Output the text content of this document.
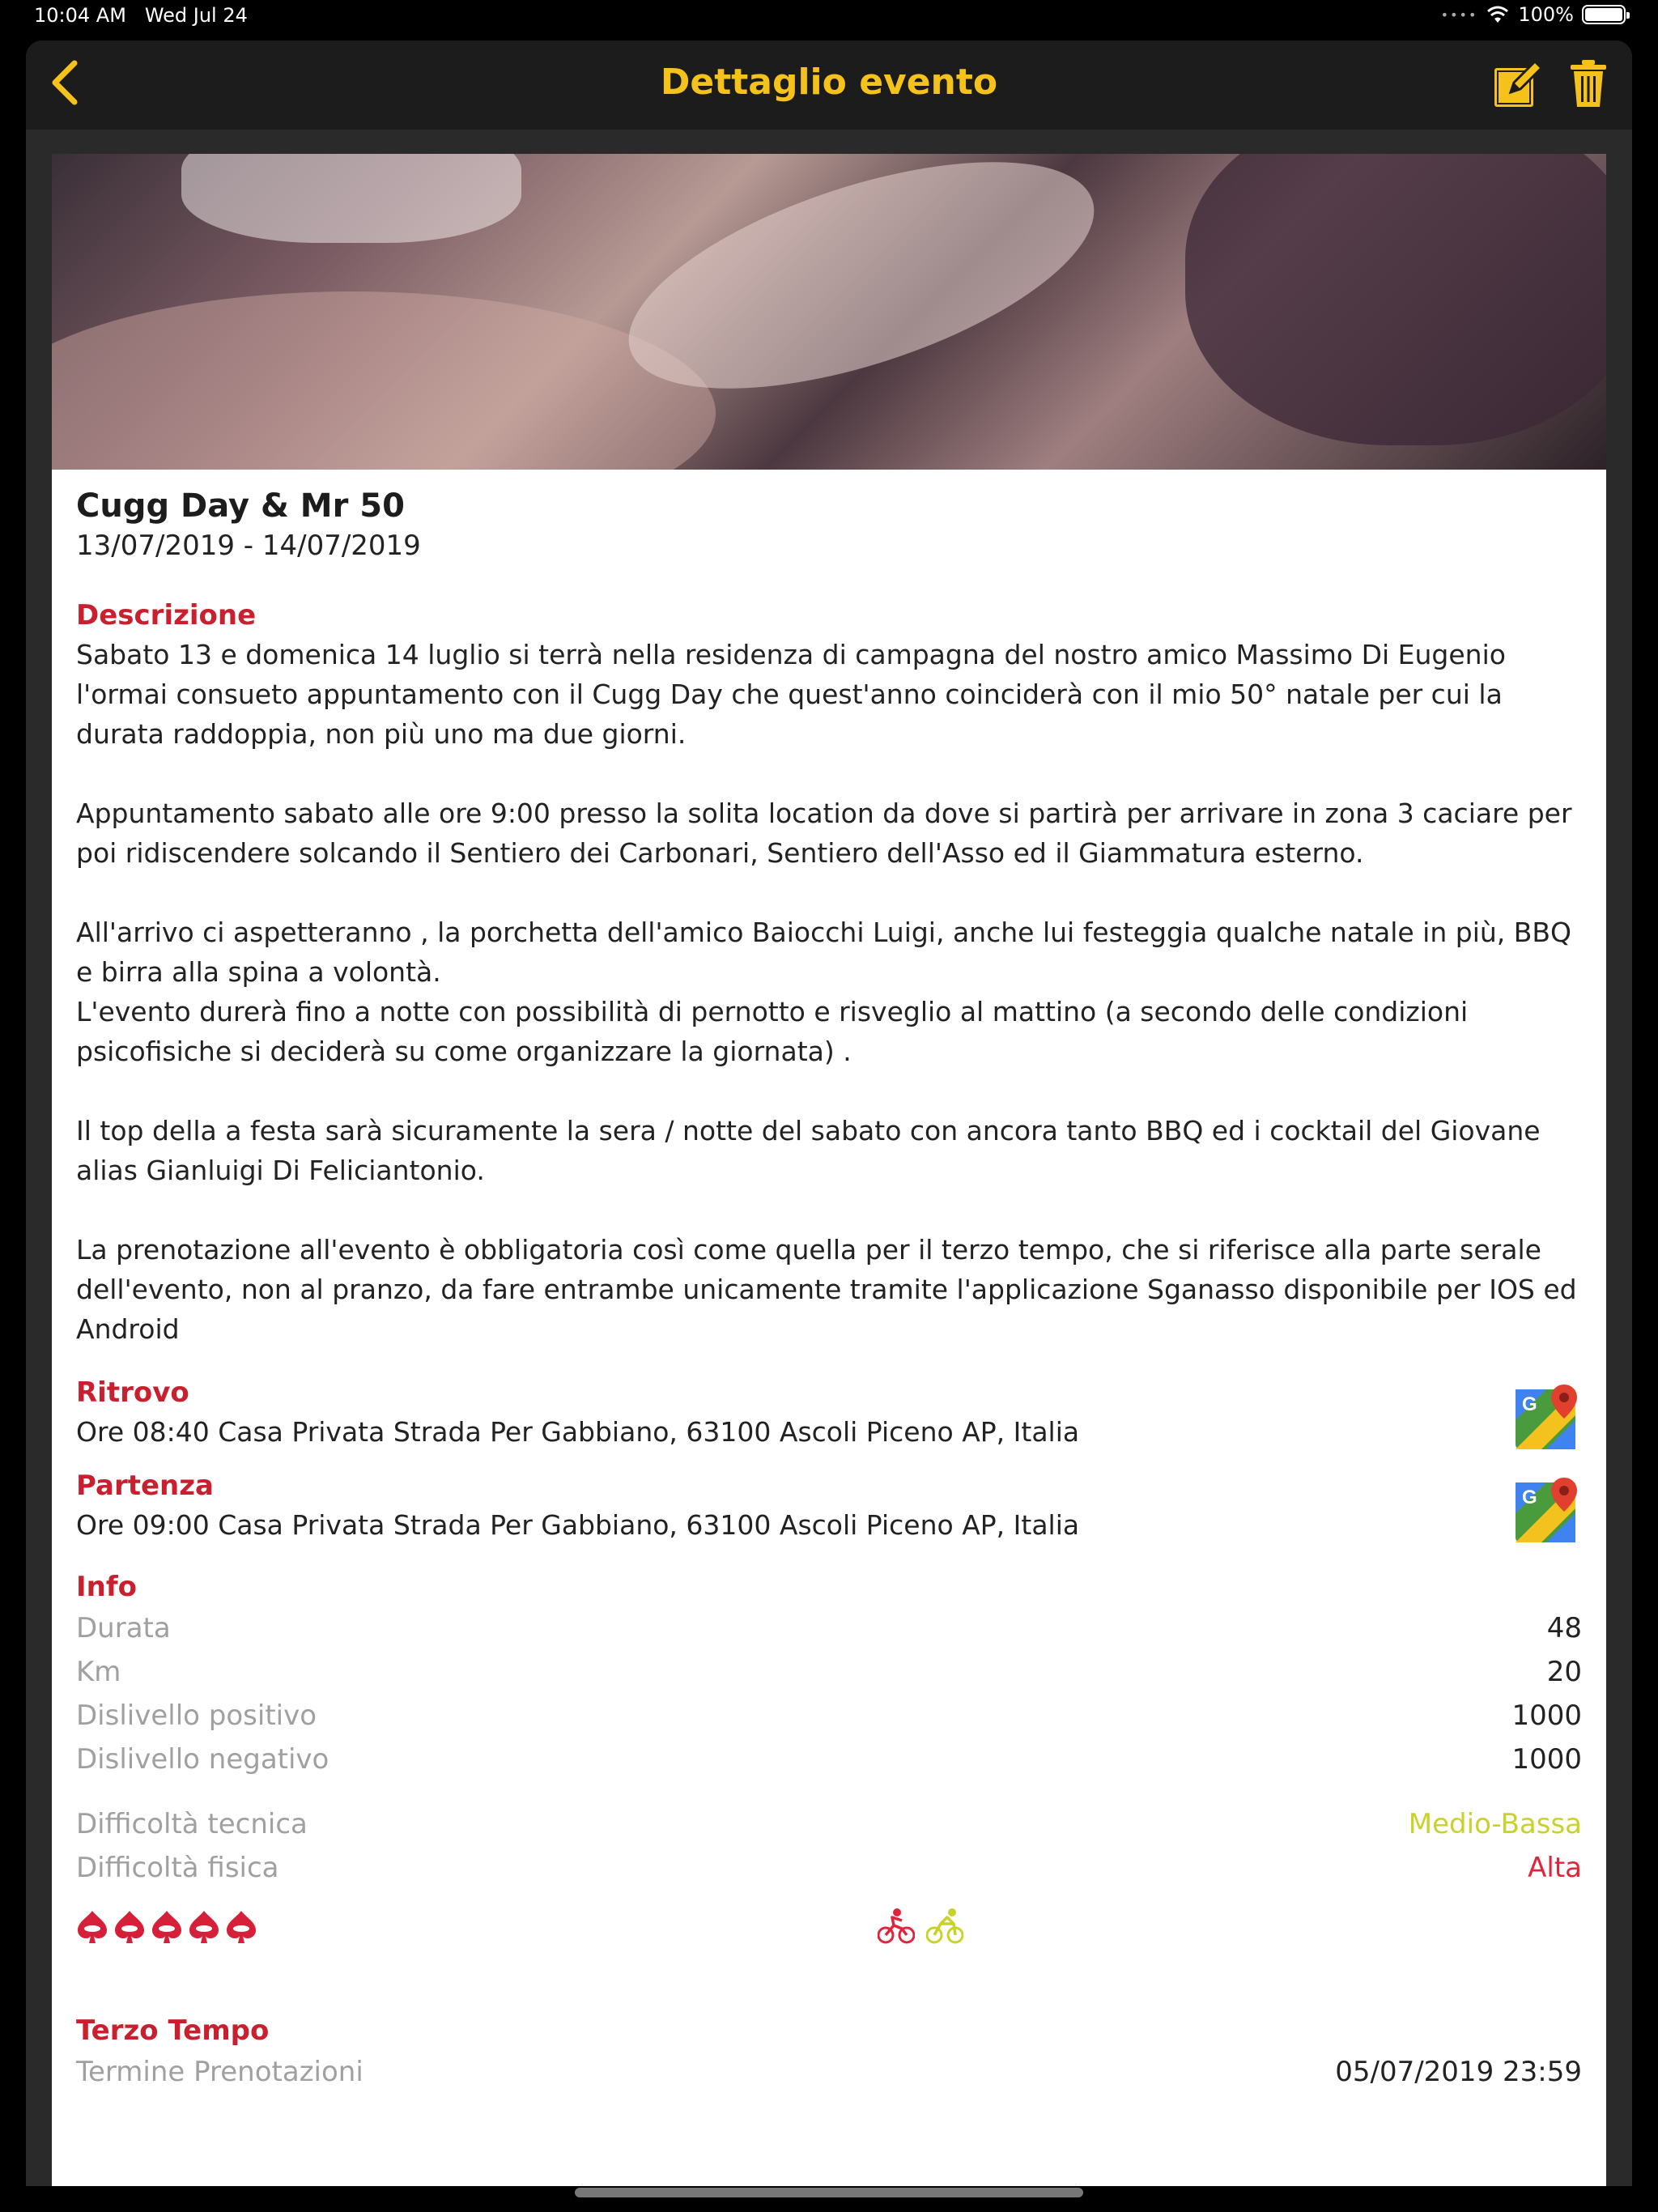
10:04 AM Wed Jul 24	•••• 100%
Dettaglio evento
Cugg Day & Mr 50
13/07/2019 - 14/07/2019
Descrizione
Sabato 13 e domenica 14 luglio si terrà nella residenza di campagna del nostro amico Massimo Di Eugenio l'ormai consueto appuntamento con il Cugg Day che quest'anno coinciderà con il mio 50° natale per cui la durata raddoppia, non più uno ma due giorni.
Appuntamento sabato alle ore 9:00 presso la solita location da dove si partirà per arrivare in zona 3 caciare per poi ridiscendere solcando il Sentiero dei Carbonari, Sentiero dell'Asso ed il Giammatura esterno.
All'arrivo ci aspetteranno , la porchetta dell'amico Baiocchi Luigi, anche lui festeggia qualche natale in più, BBQ e birra alla spina a volontà.
L'evento durerà fino a notte con possibilità di pernotto e risveglio al mattino (a secondo delle condizioni psicofisiche si deciderà su come organizzare la giornata) .
Il top della a festa sarà sicuramente la sera / notte del sabato con ancora tanto BBQ ed i cocktail del Giovane alias Gianluigi Di Feliciantonio.
La prenotazione all'evento è obbligatoria così come quella per il terzo tempo, che si riferisce alla parte serale dell'evento, non al pranzo, da fare entrambe unicamente tramite l'applicazione Sganasso disponibile per IOS ed Android
Ritrovo
Ore 08:40 Casa Privata Strada Per Gabbiano, 63100 Ascoli Piceno AP, Italia
G
Partenza
Ore 09:00 Casa Privata Strada Per Gabbiano, 63100 Ascoli Piceno AP, Italia
G
Info
Durata	48
Km	20
Dislivello positivo	1000
Dislivello negativo	1000
Difficoltà tecnica	Medio-Bassa
Difficoltà fisica	Alta
Terzo Tempo
Termine Prenotazioni	05/07/2019 23:59
